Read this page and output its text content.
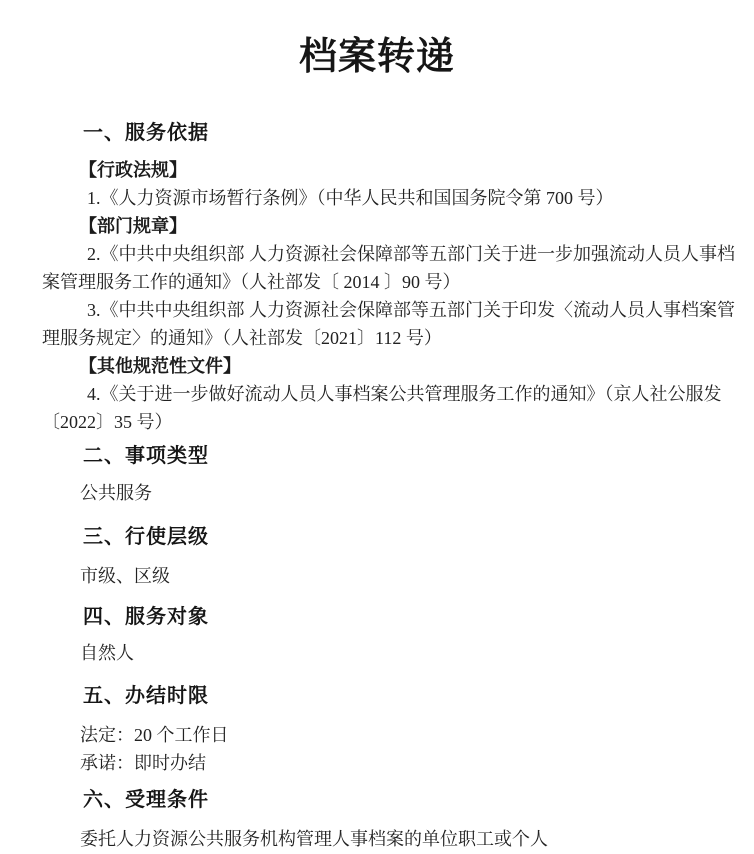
档案转递
一、服务依据
【行政法规】
1.《人力资源市场暂行条例》（中华人民共和国国务院令第 700 号）
【部门规章】
2.《中共中央组织部 人力资源社会保障部等五部门关于进一步加强流动人员人事档
案管理服务工作的通知》（人社部发〔 2014 〕90 号）
3.《中共中央组织部 人力资源社会保障部等五部门关于印发〈流动人员人事档案管
理服务规定〉的通知》（人社部发〔2021〕112 号）
【其他规范性文件】
4.《关于进一步做好流动人员人事档案公共管理服务工作的通知》（京人社公服发
〔2022〕35 号）
二、事项类型
公共服务
三、行使层级
市级、区级
四、服务对象
自然人
五、办结时限
法定：20 个工作日
承诺：即时办结
六、受理条件
委托人力资源公共服务机构管理人事档案的单位职工或个人
